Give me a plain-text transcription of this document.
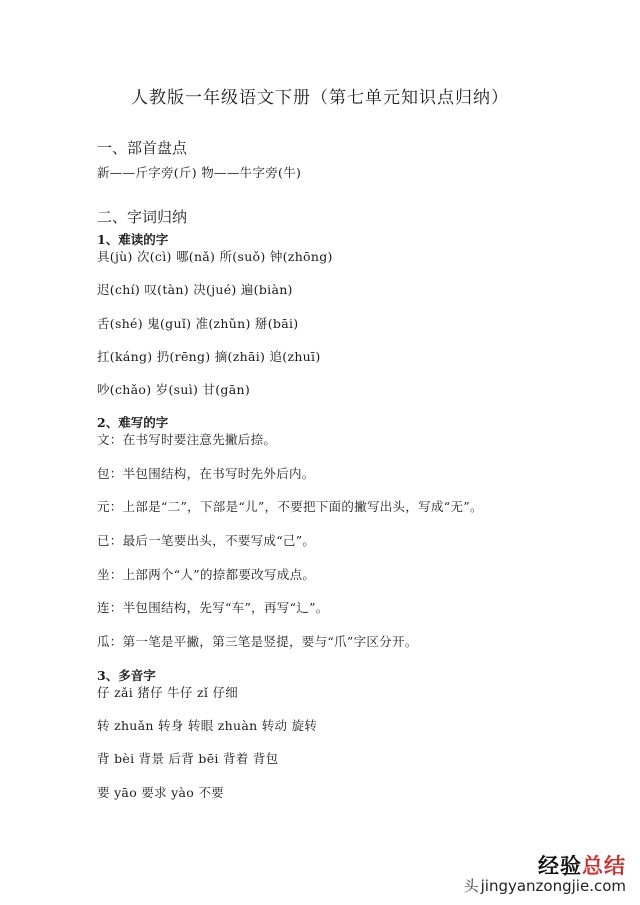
人教版一年级语文下册（第七单元知识点归纳）
一、部首盘点
新——斤字旁(斤) 物——牛字旁(牛)
二、字词归纳
1、难读的字
具(jù) 次(cì) 哪(nǎ) 所(suǒ) 钟(zhōng)
迟(chí) 叹(tàn) 决(jué) 遍(biàn)
舌(shé) 鬼(guǐ) 准(zhǔn) 掰(bāi)
扛(káng) 扔(rēng) 摘(zhāi) 追(zhuī)
吵(chǎo) 岁(suì) 甘(gān)
2、难写的字
文：在书写时要注意先撇后捺。
包：半包围结构，在书写时先外后内。
元：上部是“二”，下部是“儿”，不要把下面的撇写出头，写成“无”。
已：最后一笔要出头，不要写成“己”。
坐：上部两个“人”的捺都要改写成点。
连：半包围结构，先写“车”，再写“辶”。
瓜：第一笔是平撇，第三笔是竖提，要与“爪”字区分开。
3、多音字
仔 zǎi 猪仔 牛仔 zǐ 仔细
转 zhuǎn 转身 转眼 zhuàn 转动 旋转
背 bèi 背景 后背 bēi 背着 背包
要 yāo 要求 yào 不要
经验总结
头 jingyanzongjie.com
